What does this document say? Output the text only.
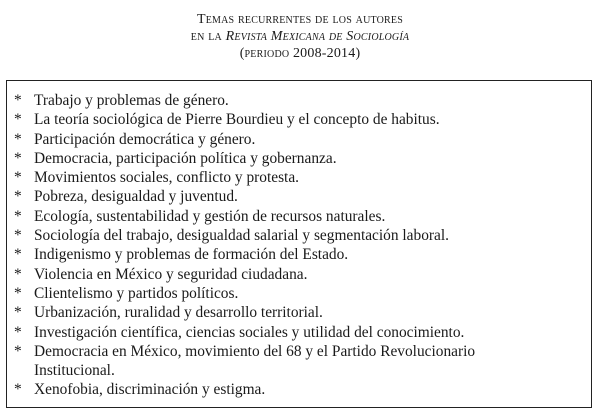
Temas recurrentes de los autores
en la Revista Mexicana de Sociología
(periodo 2008-2014)
* Trabajo y problemas de género.
* La teoría sociológica de Pierre Bourdieu y el concepto de habitus.
* Participación democrática y género.
* Democracia, participación política y gobernanza.
* Movimientos sociales, conflicto y protesta.
* Pobreza, desigualdad y juventud.
* Ecología, sustentabilidad y gestión de recursos naturales.
* Sociología del trabajo, desigualdad salarial y segmentación laboral.
* Indigenismo y problemas de formación del Estado.
* Violencia en México y seguridad ciudadana.
* Clientelismo y partidos políticos.
* Urbanización, ruralidad y desarrollo territorial.
* Investigación científica, ciencias sociales y utilidad del conocimiento.
* Democracia en México, movimiento del 68 y el Partido Revolucionario Institucional.
* Xenofobia, discriminación y estigma.
